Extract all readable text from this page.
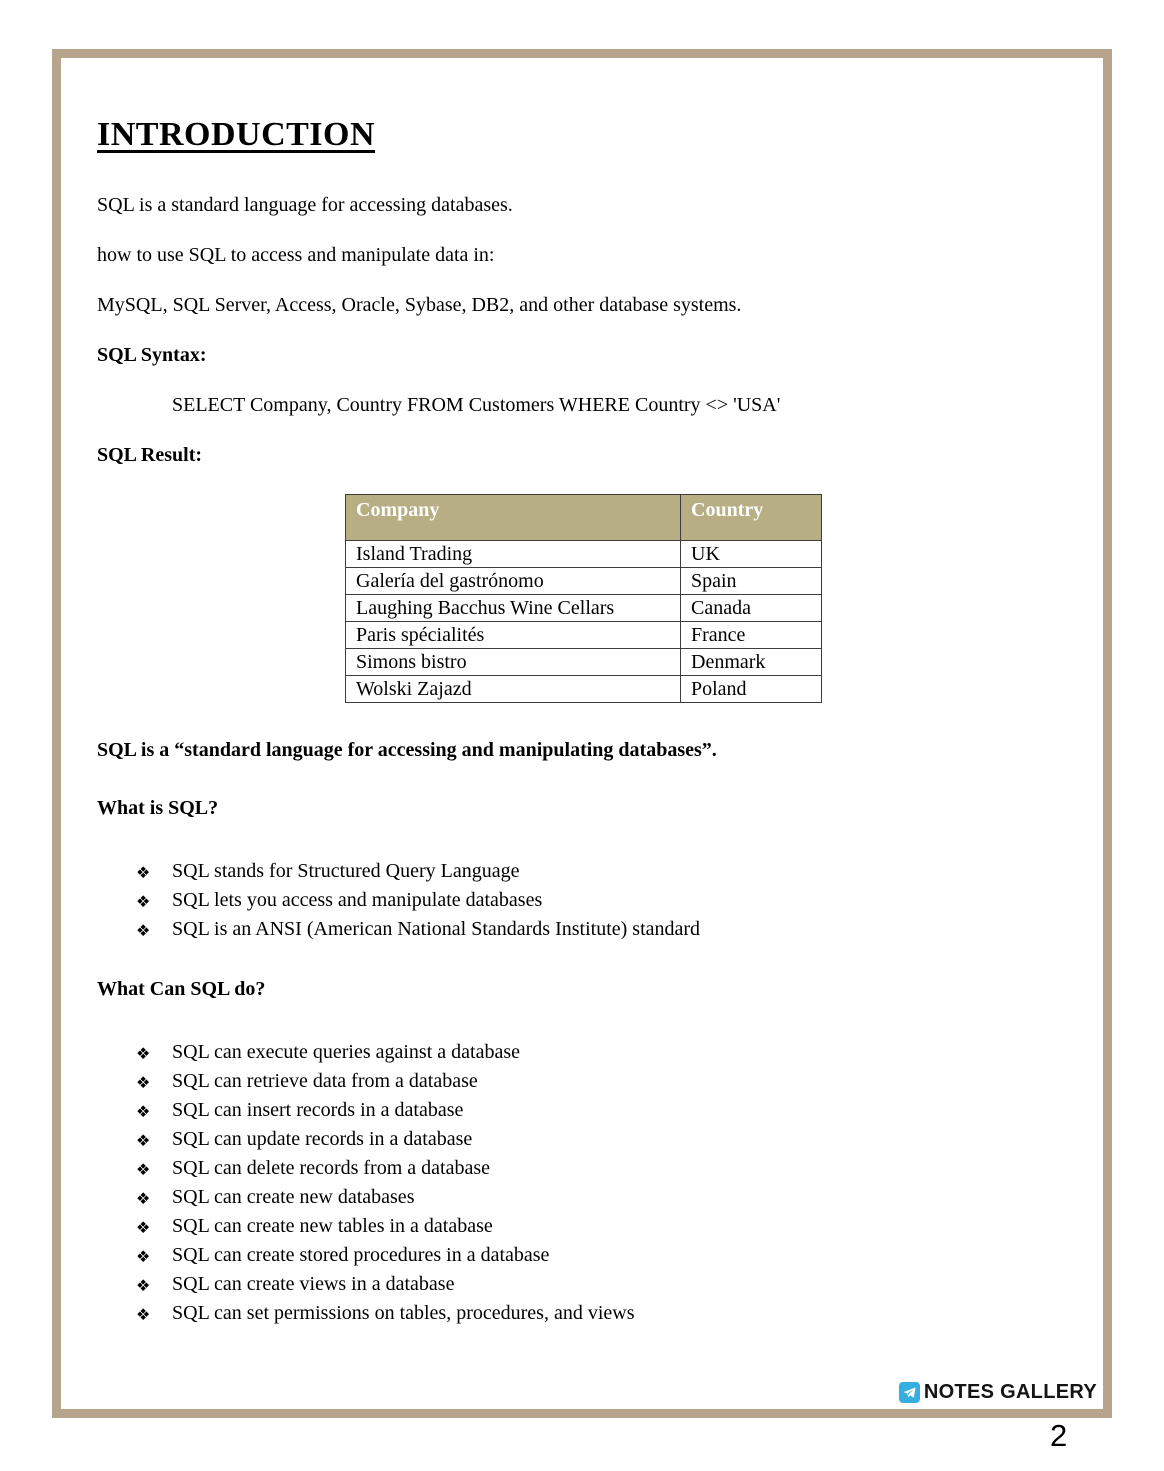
INTRODUCTION

SQL is a standard language for accessing databases.

how to use SQL to access and manipulate data in:

MySQL, SQL Server, Access, Oracle, Sybase, DB2, and other database systems.

SQL Syntax:

SELECT Company, Country FROM Customers WHERE Country <> 'USA'

SQL Result:

Company	Country
Island Trading	UK
Galería del gastrónomo	Spain
Laughing Bacchus Wine Cellars	Canada
Paris spécialités	France
Simons bistro	Denmark
Wolski Zajazd	Poland

SQL is a “standard language for accessing and manipulating databases”.

What is SQL?

❖ SQL stands for Structured Query Language
❖ SQL lets you access and manipulate databases
❖ SQL is an ANSI (American National Standards Institute) standard

What Can SQL do?

❖ SQL can execute queries against a database
❖ SQL can retrieve data from a database
❖ SQL can insert records in a database
❖ SQL can update records in a database
❖ SQL can delete records from a database
❖ SQL can create new databases
❖ SQL can create new tables in a database
❖ SQL can create stored procedures in a database
❖ SQL can create views in a database
❖ SQL can set permissions on tables, procedures, and views
NOTES GALLERY
2
